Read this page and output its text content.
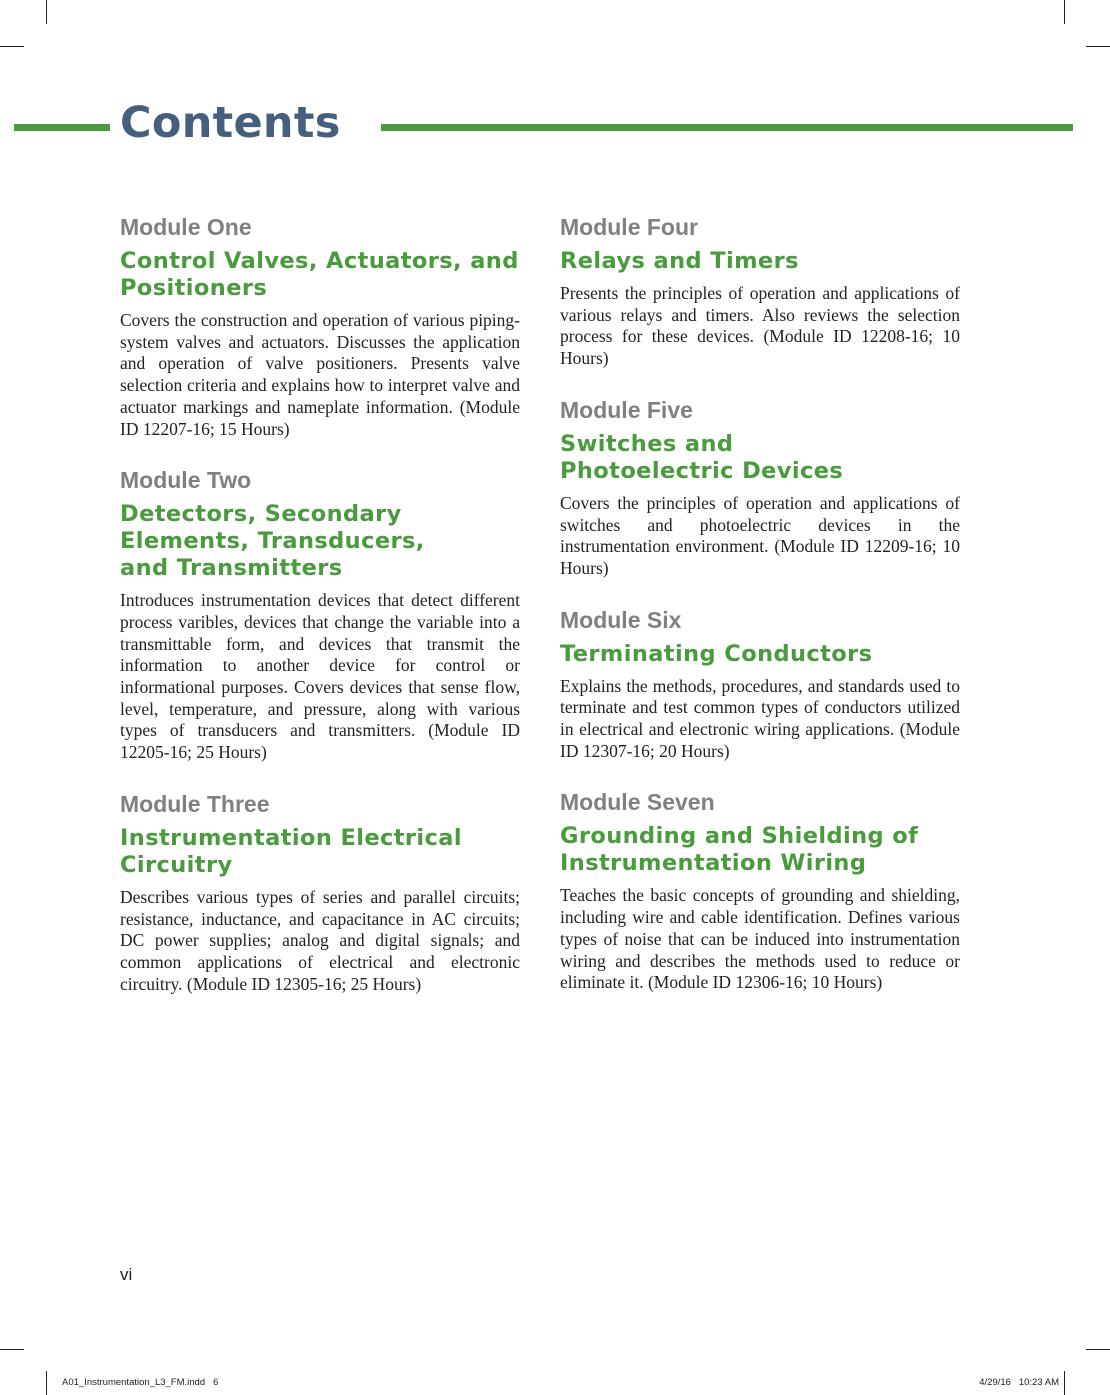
Contents
Module One
Control Valves, Actuators, and Positioners

Covers the construction and operation of various piping-system valves and actuators. Discusses the application and operation of valve positioners. Presents valve selection criteria and explains how to interpret valve and actuator markings and nameplate information. (Module ID 12207-16; 15 Hours)

Module Two
Detectors, Secondary Elements, Transducers, and Transmitters

Introduces instrumentation devices that detect different process varibles, devices that change the variable into a transmittable form, and devices that transmit the information to another device for control or informational purposes. Covers devices that sense flow, level, temperature, and pressure, along with various types of transducers and transmitters. (Module ID 12205-16; 25 Hours)

Module Three
Instrumentation Electrical Circuitry

Describes various types of series and parallel circuits; resistance, inductance, and capacitance in AC circuits; DC power supplies; analog and digital signals; and common applications of electrical and electronic circuitry. (Module ID 12305-16; 25 Hours)

Module Four
Relays and Timers

Presents the principles of operation and applications of various relays and timers. Also reviews the selection process for these devices. (Module ID 12208-16; 10 Hours)

Module Five
Switches and Photoelectric Devices

Covers the principles of operation and applications of switches and photoelectric devices in the instrumentation environment. (Module ID 12209-16; 10 Hours)

Module Six
Terminating Conductors

Explains the methods, procedures, and standards used to terminate and test common types of conductors utilized in electrical and electronic wiring applications. (Module ID 12307-16; 20 Hours)

Module Seven
Grounding and Shielding of Instrumentation Wiring

Teaches the basic concepts of grounding and shielding, including wire and cable identification. Defines various types of noise that can be induced into instrumentation wiring and describes the methods used to reduce or eliminate it. (Module ID 12306-16; 10 Hours)

vi
A01_Instrumentation_L3_FM.indd   6	4/29/16   10:23 AM
